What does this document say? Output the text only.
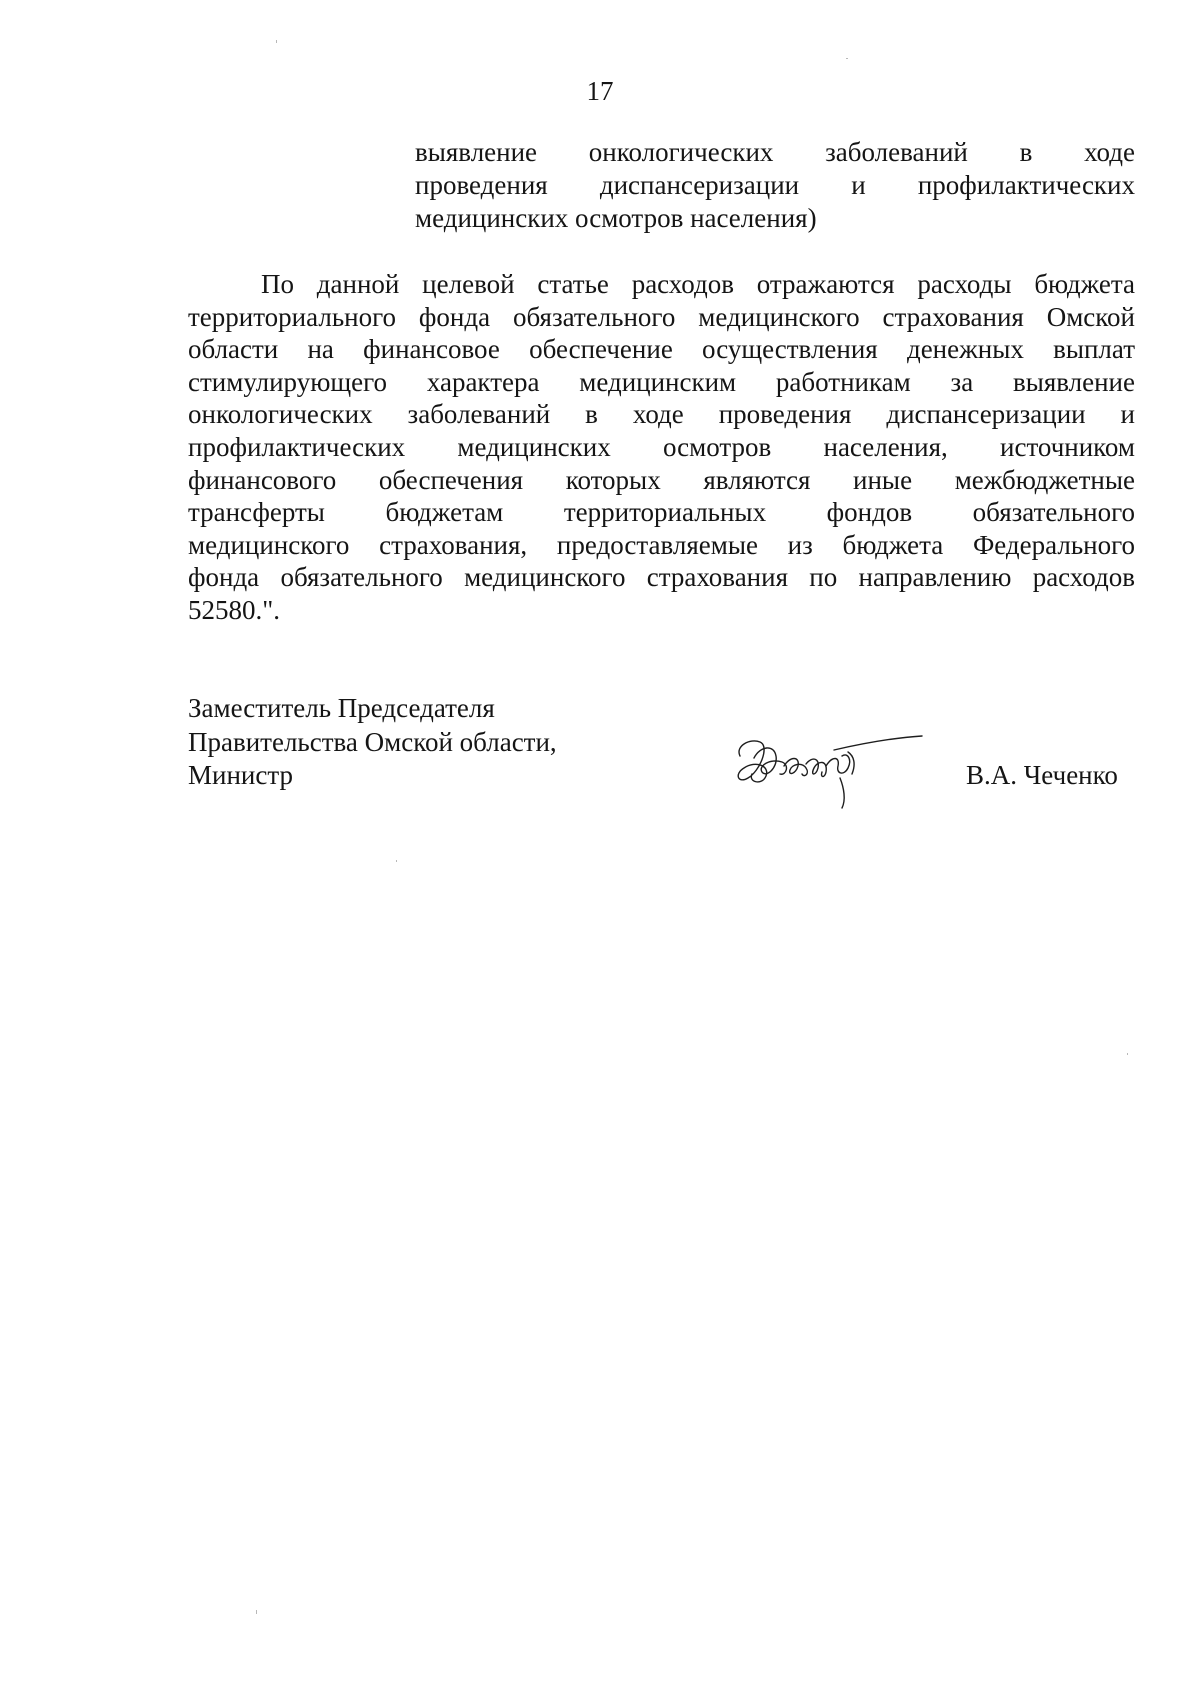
17
выявление онкологических заболеваний в ходе
проведения диспансеризации и профилактических
медицинских осмотров населения)
По данной целевой статье расходов отражаются расходы бюджета
территориального фонда обязательного медицинского страхования Омской
области на финансовое обеспечение осуществления денежных выплат
стимулирующего характера медицинским работникам за выявление
онкологических заболеваний в ходе проведения диспансеризации и
профилактических медицинских осмотров населения, источником
финансового обеспечения которых являются иные межбюджетные
трансферты бюджетам территориальных фондов обязательного
медицинского страхования, предоставляемые из бюджета Федерального
фонда обязательного медицинского страхования по направлению расходов
52580.".
Заместитель Председателя
Правительства Омской области,
Министр	В.А. Чеченко
